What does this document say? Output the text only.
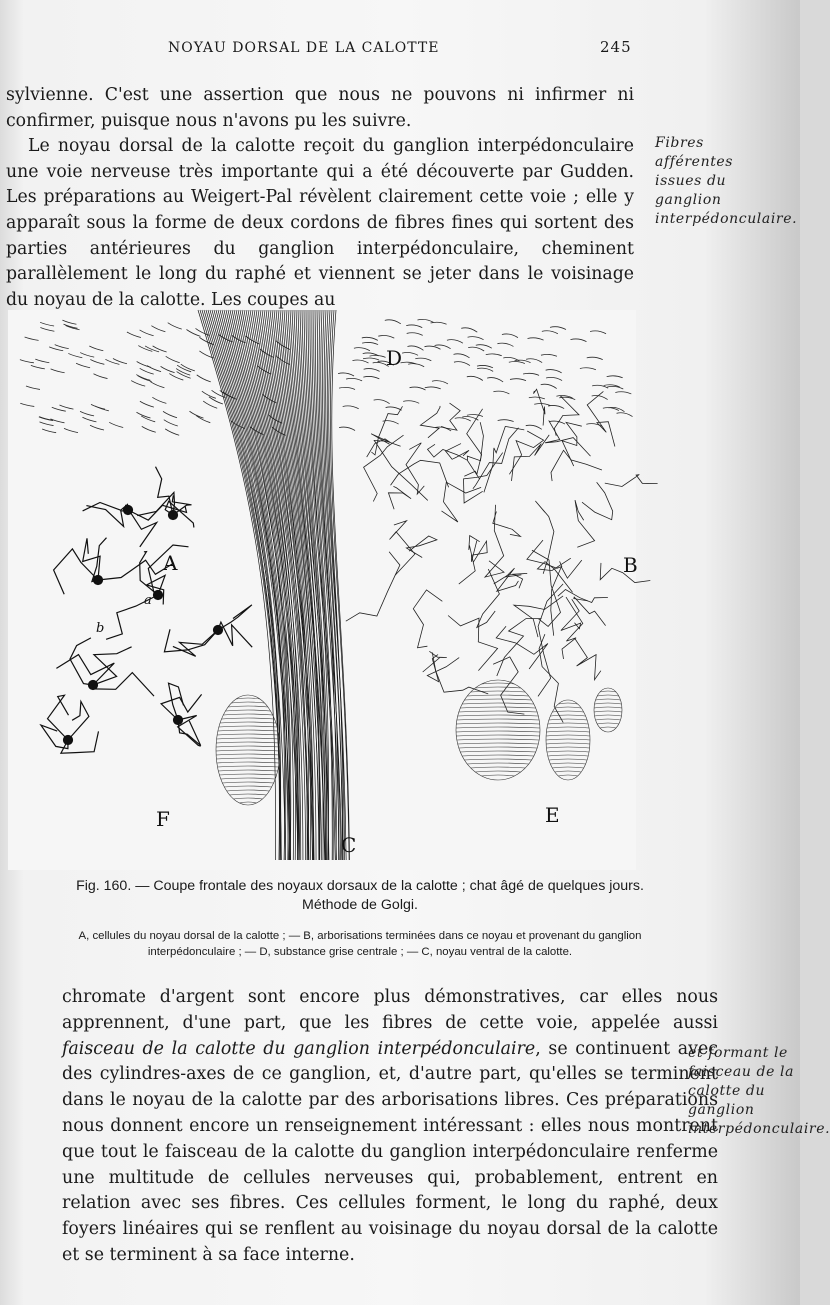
NOYAU DORSAL DE LA CALOTTE	245

sylvienne. C'est une assertion que nous ne pouvons ni infirmer ni confirmer, puisque nous n'avons pu les suivre.

Le noyau dorsal de la calotte reçoit du ganglion interpédonculaire une voie nerveuse très importante qui a été découverte par Gudden. Les préparations au Weigert-Pal révèlent clairement cette voie ; elle y apparaît sous la forme de deux cordons de fibres fines qui sortent des parties antérieures du ganglion interpédonculaire, cheminent parallèlement le long du raphé et viennent se jeter dans le voisinage du noyau de la calotte. Les coupes au

Fibres afférentes issues du ganglion interpédonculaire.
D
A	B
C
E
F
a
b
Fig. 160. — Coupe frontale des noyaux dorsaux de la calotte ; chat âgé de quelques jours. Méthode de Golgi.
A, cellules du noyau dorsal de la calotte ; — B, arborisations terminées dans ce noyau et provenant du ganglion interpédonculaire ; — D, substance grise centrale ; — C, noyau ventral de la calotte.

chromate d'argent sont encore plus démonstratives, car elles nous apprennent, d'une part, que les fibres de cette voie, appelée aussi faisceau de la calotte du ganglion interpédonculaire, se continuent avec des cylindres-axes de ce ganglion, et, d'autre part, qu'elles se terminent dans le noyau de la calotte par des arborisations libres. Ces préparations nous donnent encore un renseignement intéressant : elles nous montrent que tout le faisceau de la calotte du ganglion interpédonculaire renferme une multitude de cellules nerveuses qui, probablement, entrent en relation avec ses fibres. Ces cellules forment, le long du raphé, deux foyers linéaires qui se renflent au voisinage du noyau dorsal de la calotte et se terminent à sa face interne.

et formant le faisceau de la calotte du ganglion interpédonculaire.
